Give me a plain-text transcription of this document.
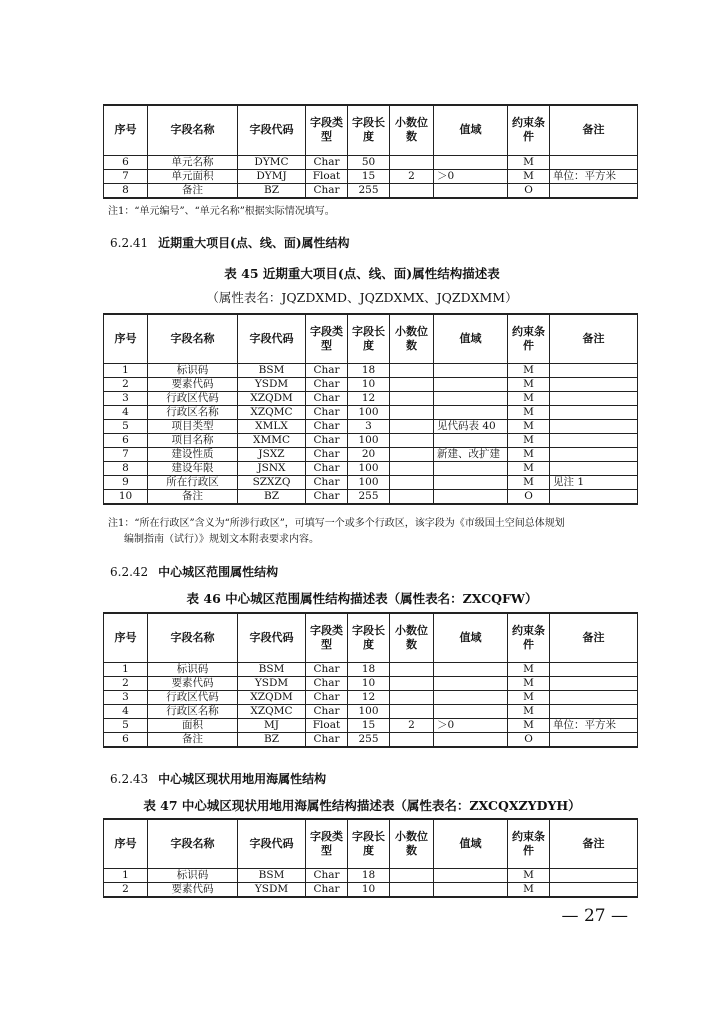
序号	字段名称	字段代码	字段类型	字段长度	小数位数	值域	约束条件	备注
6	单元名称	DYMC	Char	50			M	
7	单元面积	DYMJ	Float	15	2	＞0	M	单位：平方米
8	备注	BZ	Char	255			O	
注1：“单元编号”、“单元名称”根据实际情况填写。
6.2.41 近期重大项目(点、线、面)属性结构
表 45 近期重大项目(点、线、面)属性结构描述表
（属性表名：JQZDXMD、JQZDXMX、JQZDXMM）
序号	字段名称	字段代码	字段类型	字段长度	小数位数	值域	约束条件	备注
1	标识码	BSM	Char	18			M	
2	要素代码	YSDM	Char	10			M	
3	行政区代码	XZQDM	Char	12			M	
4	行政区名称	XZQMC	Char	100			M	
5	项目类型	XMLX	Char	3		见代码表 40	M	
6	项目名称	XMMC	Char	100			M	
7	建设性质	JSXZ	Char	20		新建、改扩建	M	
8	建设年限	JSNX	Char	100			M	
9	所在行政区	SZXZQ	Char	100			M	见注 1
10	备注	BZ	Char	255			O	
注1：“所在行政区”含义为“所涉行政区”，可填写一个或多个行政区，该字段为《市级国土空间总体规划
编制指南（试行）》规划文本附表要求内容。
6.2.42 中心城区范围属性结构
表 46 中心城区范围属性结构描述表（属性表名：ZXCQFW）
序号	字段名称	字段代码	字段类型	字段长度	小数位数	值域	约束条件	备注
1	标识码	BSM	Char	18			M	
2	要素代码	YSDM	Char	10			M	
3	行政区代码	XZQDM	Char	12			M	
4	行政区名称	XZQMC	Char	100			M	
5	面积	MJ	Float	15	2	＞0	M	单位：平方米
6	备注	BZ	Char	255			O	
6.2.43 中心城区现状用地用海属性结构
表 47 中心城区现状用地用海属性结构描述表（属性表名：ZXCQXZYDYH）
序号	字段名称	字段代码	字段类型	字段长度	小数位数	值域	约束条件	备注
1	标识码	BSM	Char	18			M	
2	要素代码	YSDM	Char	10			M	
— 27 —
